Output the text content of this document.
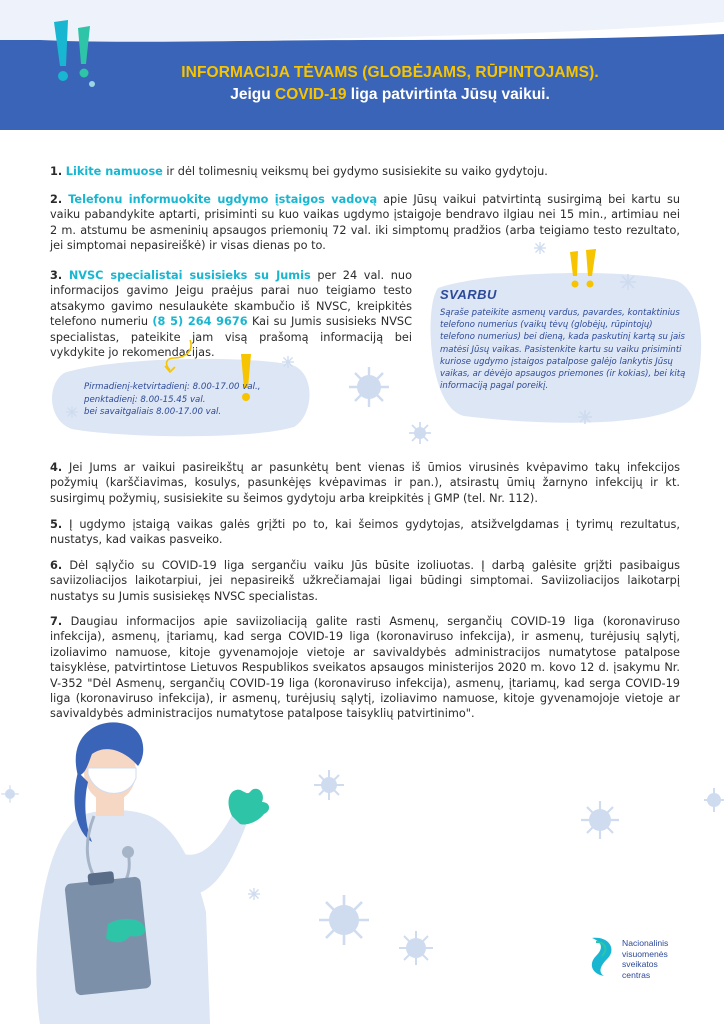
INFORMACIJA TĖVAMS (GLOBĖJAMS, RŪPINTOJAMS).
Jeigu COVID-19 liga patvirtinta Jūsų vaikui.

1. Likite namuose ir dėl tolimesnių veiksmų bei gydymo susisiekite su vaiko gydytoju.

2. Telefonu informuokite ugdymo įstaigos vadovą apie Jūsų vaikui patvirtintą susirgimą bei kartu su vaiku pabandykite aptarti, prisiminti su kuo vaikas ugdymo įstaigoje bendravo ilgiau nei 15 min., artimiau nei 2 m. atstumu be asmeninių apsaugos priemonių 72 val. iki simptomų pradžios (arba teigiamo testo rezultato, jei simptomai nepasireiškė) ir visas dienas po to.

3. NVSC specialistai susisieks su Jumis per 24 val. nuo informacijos gavimo Jeigu praėjus parai nuo teigiamo testo atsakymo gavimo nesulaukėte skambučio iš NVSC, kreipkitės telefono numeriu (8 5) 264 9676 Kai su Jumis susisieks NVSC specialistas, pateikite jam visą prašomą informaciją bei vykdykite jo rekomendacijas.

Pirmadienį-ketvirtadienį: 8.00-17.00 val.,
penktadienį: 8.00-15.45 val.
bei savaitgaliais 8.00-17.00 val.
SVARBU
Sąraše pateikite asmenų vardus, pavardes, kontaktinius telefono numerius (vaikų tėvų (globėjų, rūpintojų) telefono numerius) bei dieną, kada paskutinį kartą su jais matėsi Jūsų vaikas. Pasistenkite kartu su vaiku prisiminti kuriose ugdymo įstaigos patalpose galėjo lankytis Jūsų vaikas, ar dėvėjo apsaugos priemones (ir kokias), bei kitą informaciją pagal poreikį.

4. Jei Jums ar vaikui pasireikštų ar pasunkėtų bent vienas iš ūmios virusinės kvėpavimo takų infekcijos požymių (karščiavimas, kosulys, pasunkėjęs kvėpavimas ir pan.), atsirastų ūmių žarnyno infekcijų ir kt. susirgimų požymių, susisiekite su šeimos gydytoju arba kreipkitės į GMP (tel. Nr. 112).

5. Į ugdymo įstaigą vaikas galės grįžti po to, kai šeimos gydytojas, atsižvelgdamas į tyrimų rezultatus, nustatys, kad vaikas pasveiko.

6. Dėl sąlyčio su COVID-19 liga sergančiu vaiku Jūs būsite izoliuotas. Į darbą galėsite grįžti pasibaigus saviizoliacijos laikotarpiui, jei nepasireikš užkrečiamajai ligai būdingi simptomai. Saviizoliacijos laikotarpį nustatys su Jumis susisiekęs NVSC specialistas.

7. Daugiau informacijos apie saviizoliaciją galite rasti Asmenų, sergančių COVID-19 liga (koronaviruso infekcija), asmenų, įtariamų, kad serga COVID-19 liga (koronaviruso infekcija), ir asmenų, turėjusių sąlytį, izoliavimo namuose, kitoje gyvenamojoje vietoje ar savivaldybės administracijos numatytose patalpose taisyklėse, patvirtintose Lietuvos Respublikos sveikatos apsaugos ministerijos 2020 m. kovo 12 d. įsakymu Nr. V-352 "Dėl Asmenų, sergančių COVID-19 liga (koronaviruso infekcija), asmenų, įtariamų, kad serga COVID-19 liga (koronaviruso infekcija), ir asmenų, turėjusių sąlytį, izoliavimo namuose, kitoje gyvenamojoje vietoje ar savivaldybės administracijos numatytose patalpose taisyklių patvirtinimo".

Nacionalinis
visuomenės
sveikatos
centras
